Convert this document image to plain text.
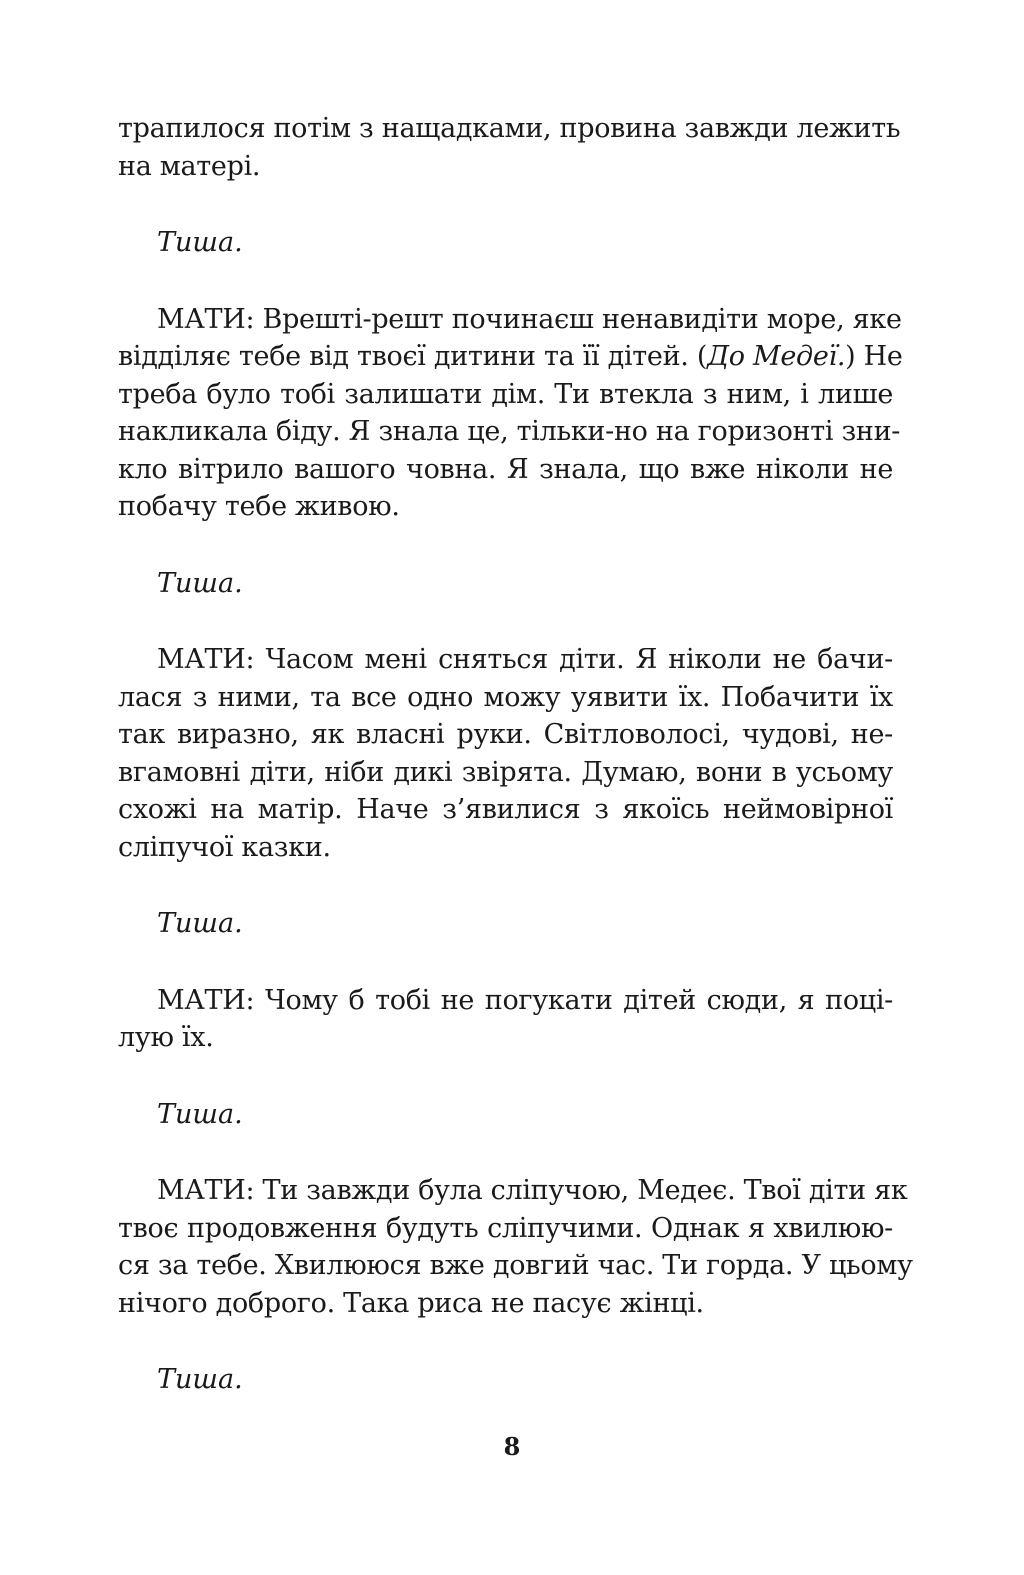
трапилося потім з нащадками, провина завжди лежить
на матері.
Тиша.
МАТИ: Врешті-решт починаєш ненавидіти море, яке
відділяє тебе від твоєї дитини та її дітей. (До Медеї.) Не
треба було тобі залишати дім. Ти втекла з ним, і лише
накликала біду. Я знала це, тільки-но на горизонті зни-
кло вітрило вашого човна. Я знала, що вже ніколи не
побачу тебе живою.
Тиша.
МАТИ: Часом мені сняться діти. Я ніколи не бачи-
лася з ними, та все одно можу уявити їх. Побачити їх
так виразно, як власні руки. Світловолосі, чудові, не-
вгамовні діти, ніби дикі звірята. Думаю, вони в усьому
схожі на матір. Наче з’явилися з якоїсь неймовірної
сліпучої казки.
Тиша.
МАТИ: Чому б тобі не погукати дітей сюди, я поці-
лую їх.
Тиша.
МАТИ: Ти завжди була сліпучою, Медеє. Твої діти як
твоє продовження будуть сліпучими. Однак я хвилюю-
ся за тебе. Хвилююся вже довгий час. Ти горда. У цьому
нічого доброго. Така риса не пасує жінці.
Тиша.
8
